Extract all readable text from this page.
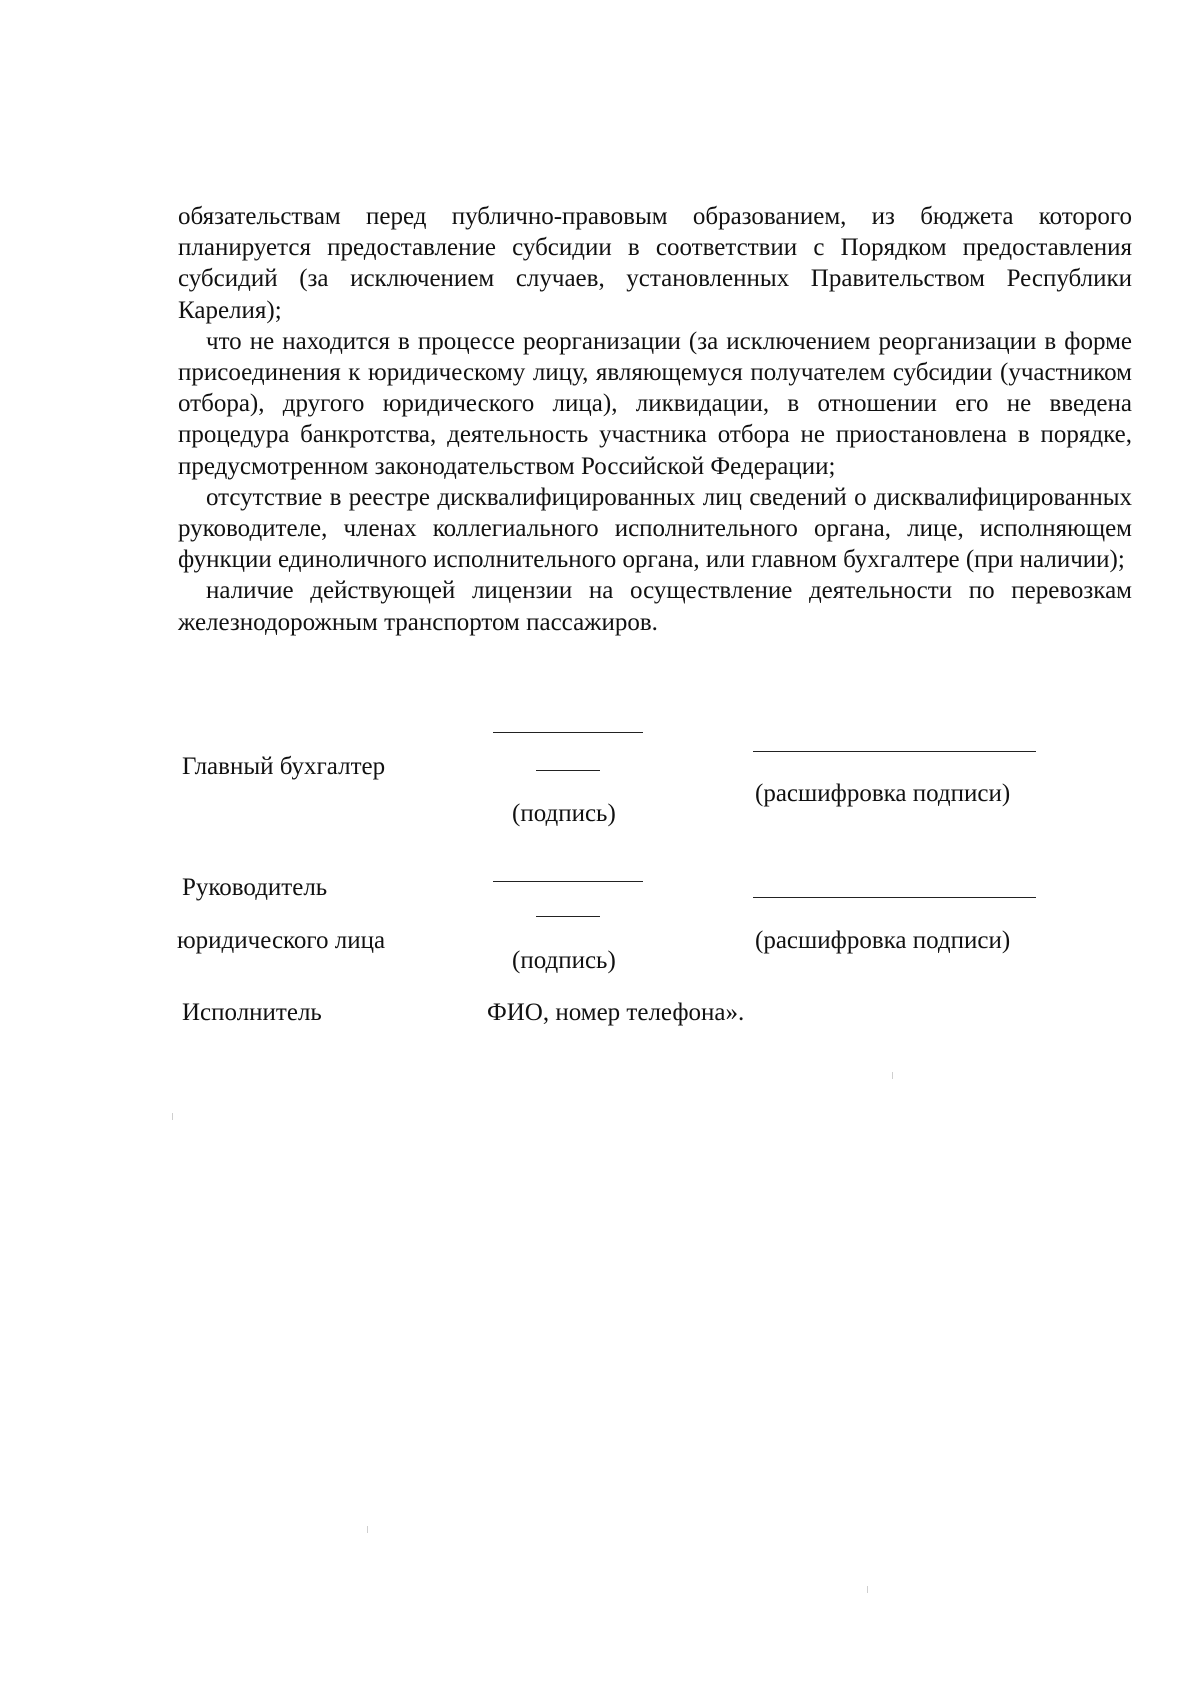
обязательствам перед публично-правовым образованием, из бюджета которого планируется предоставление субсидии в соответствии с Порядком предоставления субсидий (за исключением случаев, установленных Правительством Республики Карелия);

что не находится в процессе реорганизации (за исключением реорганизации в форме присоединения к юридическому лицу, являющемуся получателем субсидии (участником отбора), другого юридического лица), ликвидации, в отношении его не введена процедура банкротства, деятельность участника отбора не приостановлена в порядке, предусмотренном законодательством Российской Федерации;

отсутствие в реестре дисквалифицированных лиц сведений о дисквалифицированных руководителе, членах коллегиального исполнительного органа, лице, исполняющем функции единоличного исполнительного органа, или главном бухгалтере (при наличии);

наличие действующей лицензии на осуществление деятельности по перевозкам железнодорожным транспортом пассажиров.

Главный бухгалтер
(подпись)
(расшифровка подписи)
Руководитель
юридического лица
(подпись)
(расшифровка подписи)
Исполнитель	ФИО, номер телефона».
